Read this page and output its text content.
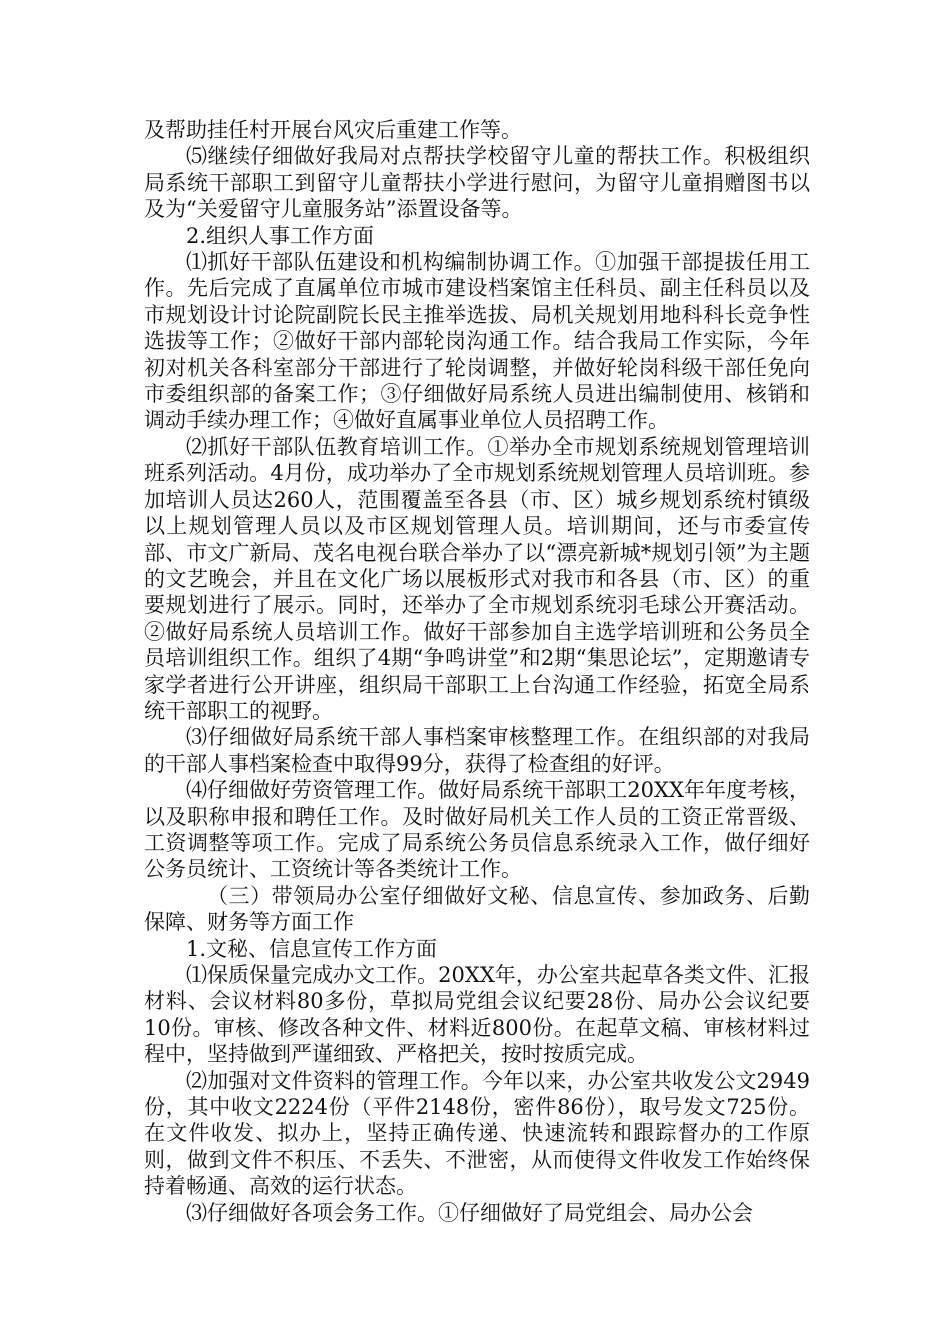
及帮助挂任村开展台风灾后重建工作等。

⑸继续仔细做好我局对点帮扶学校留守儿童的帮扶工作。积极组织局系统干部职工到留守儿童帮扶小学进行慰问，为留守儿童捐赠图书以及为“关爱留守儿童服务站”添置设备等。

2.组织人事工作方面

⑴抓好干部队伍建设和机构编制协调工作。①加强干部提拔任用工作。先后完成了直属单位市城市建设档案馆主任科员、副主任科员以及市规划设计讨论院副院长民主推举选拔、局机关规划用地科科长竞争性选拔等工作；②做好干部内部轮岗沟通工作。结合我局工作实际，今年初对机关各科室部分干部进行了轮岗调整，并做好轮岗科级干部任免向市委组织部的备案工作；③仔细做好局系统人员进出编制使用、核销和调动手续办理工作；④做好直属事业单位人员招聘工作。

⑵抓好干部队伍教育培训工作。①举办全市规划系统规划管理培训班系列活动。4月份，成功举办了全市规划系统规划管理人员培训班。参加培训人员达260人，范围覆盖至各县（市、区）城乡规划系统村镇级以上规划管理人员以及市区规划管理人员。培训期间，还与市委宣传部、市文广新局、茂名电视台联合举办了以“漂亮新城*规划引领”为主题的文艺晚会，并且在文化广场以展板形式对我市和各县（市、区）的重要规划进行了展示。同时，还举办了全市规划系统羽毛球公开赛活动。②做好局系统人员培训工作。做好干部参加自主选学培训班和公务员全员培训组织工作。组织了4期“争鸣讲堂”和2期“集思论坛”，定期邀请专家学者进行公开讲座，组织局干部职工上台沟通工作经验，拓宽全局系统干部职工的视野。

⑶仔细做好局系统干部人事档案审核整理工作。在组织部的对我局的干部人事档案检查中取得99分，获得了检查组的好评。

⑷仔细做好劳资管理工作。做好局系统干部职工20XX年年度考核，以及职称申报和聘任工作。及时做好局机关工作人员的工资正常晋级、工资调整等项工作。完成了局系统公务员信息系统录入工作，做仔细好公务员统计、工资统计等各类统计工作。

（三）带领局办公室仔细做好文秘、信息宣传、参加政务、后勤保障、财务等方面工作

1.文秘、信息宣传工作方面

⑴保质保量完成办文工作。20XX年，办公室共起草各类文件、汇报材料、会议材料80多份，草拟局党组会议纪要28份、局办公会议纪要10份。审核、修改各种文件、材料近800份。在起草文稿、审核材料过程中，坚持做到严谨细致、严格把关，按时按质完成。

⑵加强对文件资料的管理工作。今年以来，办公室共收发公文2949份，其中收文2224份（平件2148份，密件86份），取号发文725份。在文件收发、拟办上，坚持正确传递、快速流转和跟踪督办的工作原则，做到文件不积压、不丢失、不泄密，从而使得文件收发工作始终保持着畅通、高效的运行状态。

⑶仔细做好各项会务工作。①仔细做好了局党组会、局办公会
